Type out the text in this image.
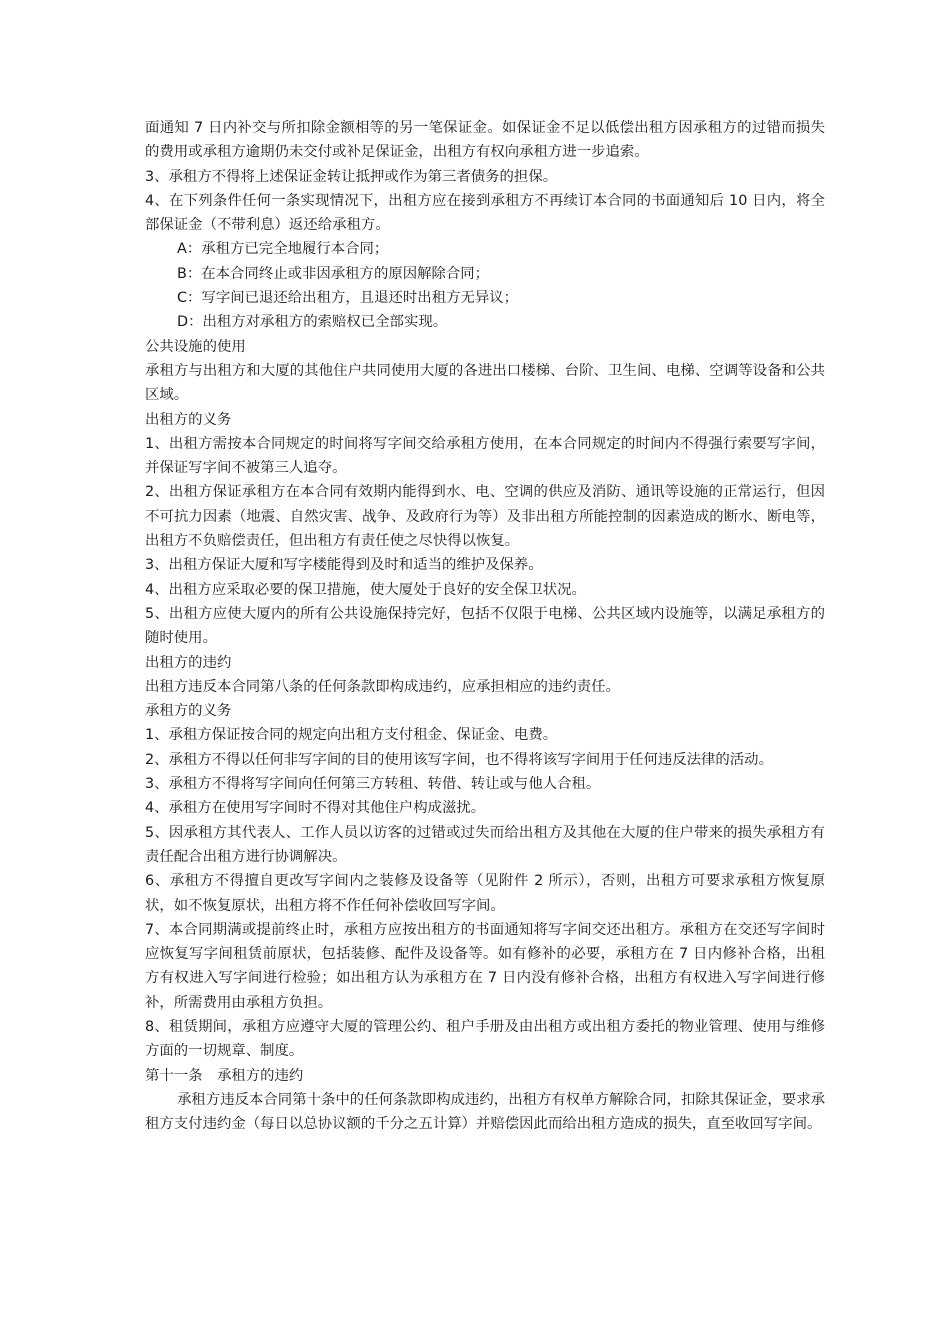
面通知 7 日内补交与所扣除金额相等的另一笔保证金。如保证金不足以低偿出租方因承租方的过错而损失的费用或承租方逾期仍未交付或补足保证金，出租方有权向承租方进一步追索。

3、承租方不得将上述保证金转让抵押或作为第三者债务的担保。

4、在下列条件任何一条实现情况下，出租方应在接到承租方不再续订本合同的书面通知后 10 日内，将全部保证金（不带利息）返还给承租方。

A：承租方已完全地履行本合同；

B：在本合同终止或非因承租方的原因解除合同；

C：写字间已退还给出租方，且退还时出租方无异议；

D：出租方对承租方的索赔权已全部实现。

公共设施的使用

承租方与出租方和大厦的其他住户共同使用大厦的各进出口楼梯、台阶、卫生间、电梯、空调等设备和公共区域。

出租方的义务

1、出租方需按本合同规定的时间将写字间交给承租方使用，在本合同规定的时间内不得强行索要写字间，并保证写字间不被第三人追夺。

2、出租方保证承租方在本合同有效期内能得到水、电、空调的供应及消防、通讯等设施的正常运行，但因不可抗力因素（地震、自然灾害、战争、及政府行为等）及非出租方所能控制的因素造成的断水、断电等，出租方不负赔偿责任，但出租方有责任使之尽快得以恢复。

3、出租方保证大厦和写字楼能得到及时和适当的维护及保养。

4、出租方应采取必要的保卫措施，使大厦处于良好的安全保卫状况。

5、出租方应使大厦内的所有公共设施保持完好，包括不仅限于电梯、公共区域内设施等，以满足承租方的随时使用。

出租方的违约

出租方违反本合同第八条的任何条款即构成违约，应承担相应的违约责任。

承租方的义务

1、承租方保证按合同的规定向出租方支付租金、保证金、电费。

2、承租方不得以任何非写字间的目的使用该写字间，也不得将该写字间用于任何违反法律的活动。

3、承租方不得将写字间向任何第三方转租、转借、转让或与他人合租。

4、承租方在使用写字间时不得对其他住户构成滋扰。

5、因承租方其代表人、工作人员以访客的过错或过失而给出租方及其他在大厦的住户带来的损失承租方有责任配合出租方进行协调解决。

6、承租方不得擅自更改写字间内之装修及设备等（见附件 2 所示），否则，出租方可要求承租方恢复原状，如不恢复原状，出租方将不作任何补偿收回写字间。

7、本合同期满或提前终止时，承租方应按出租方的书面通知将写字间交还出租方。承租方在交还写字间时应恢复写字间租赁前原状，包括装修、配件及设备等。如有修补的必要，承租方在 7 日内修补合格，出租方有权进入写字间进行检验；如出租方认为承租方在 7 日内没有修补合格，出租方有权进入写字间进行修补，所需费用由承租方负担。

8、租赁期间，承租方应遵守大厦的管理公约、租户手册及由出租方或出租方委托的物业管理、使用与维修方面的一切规章、制度。

第十一条　承租方的违约

承租方违反本合同第十条中的任何条款即构成违约，出租方有权单方解除合同，扣除其保证金，要求承租方支付违约金（每日以总协议额的千分之五计算）并赔偿因此而给出租方造成的损失，直至收回写字间。
